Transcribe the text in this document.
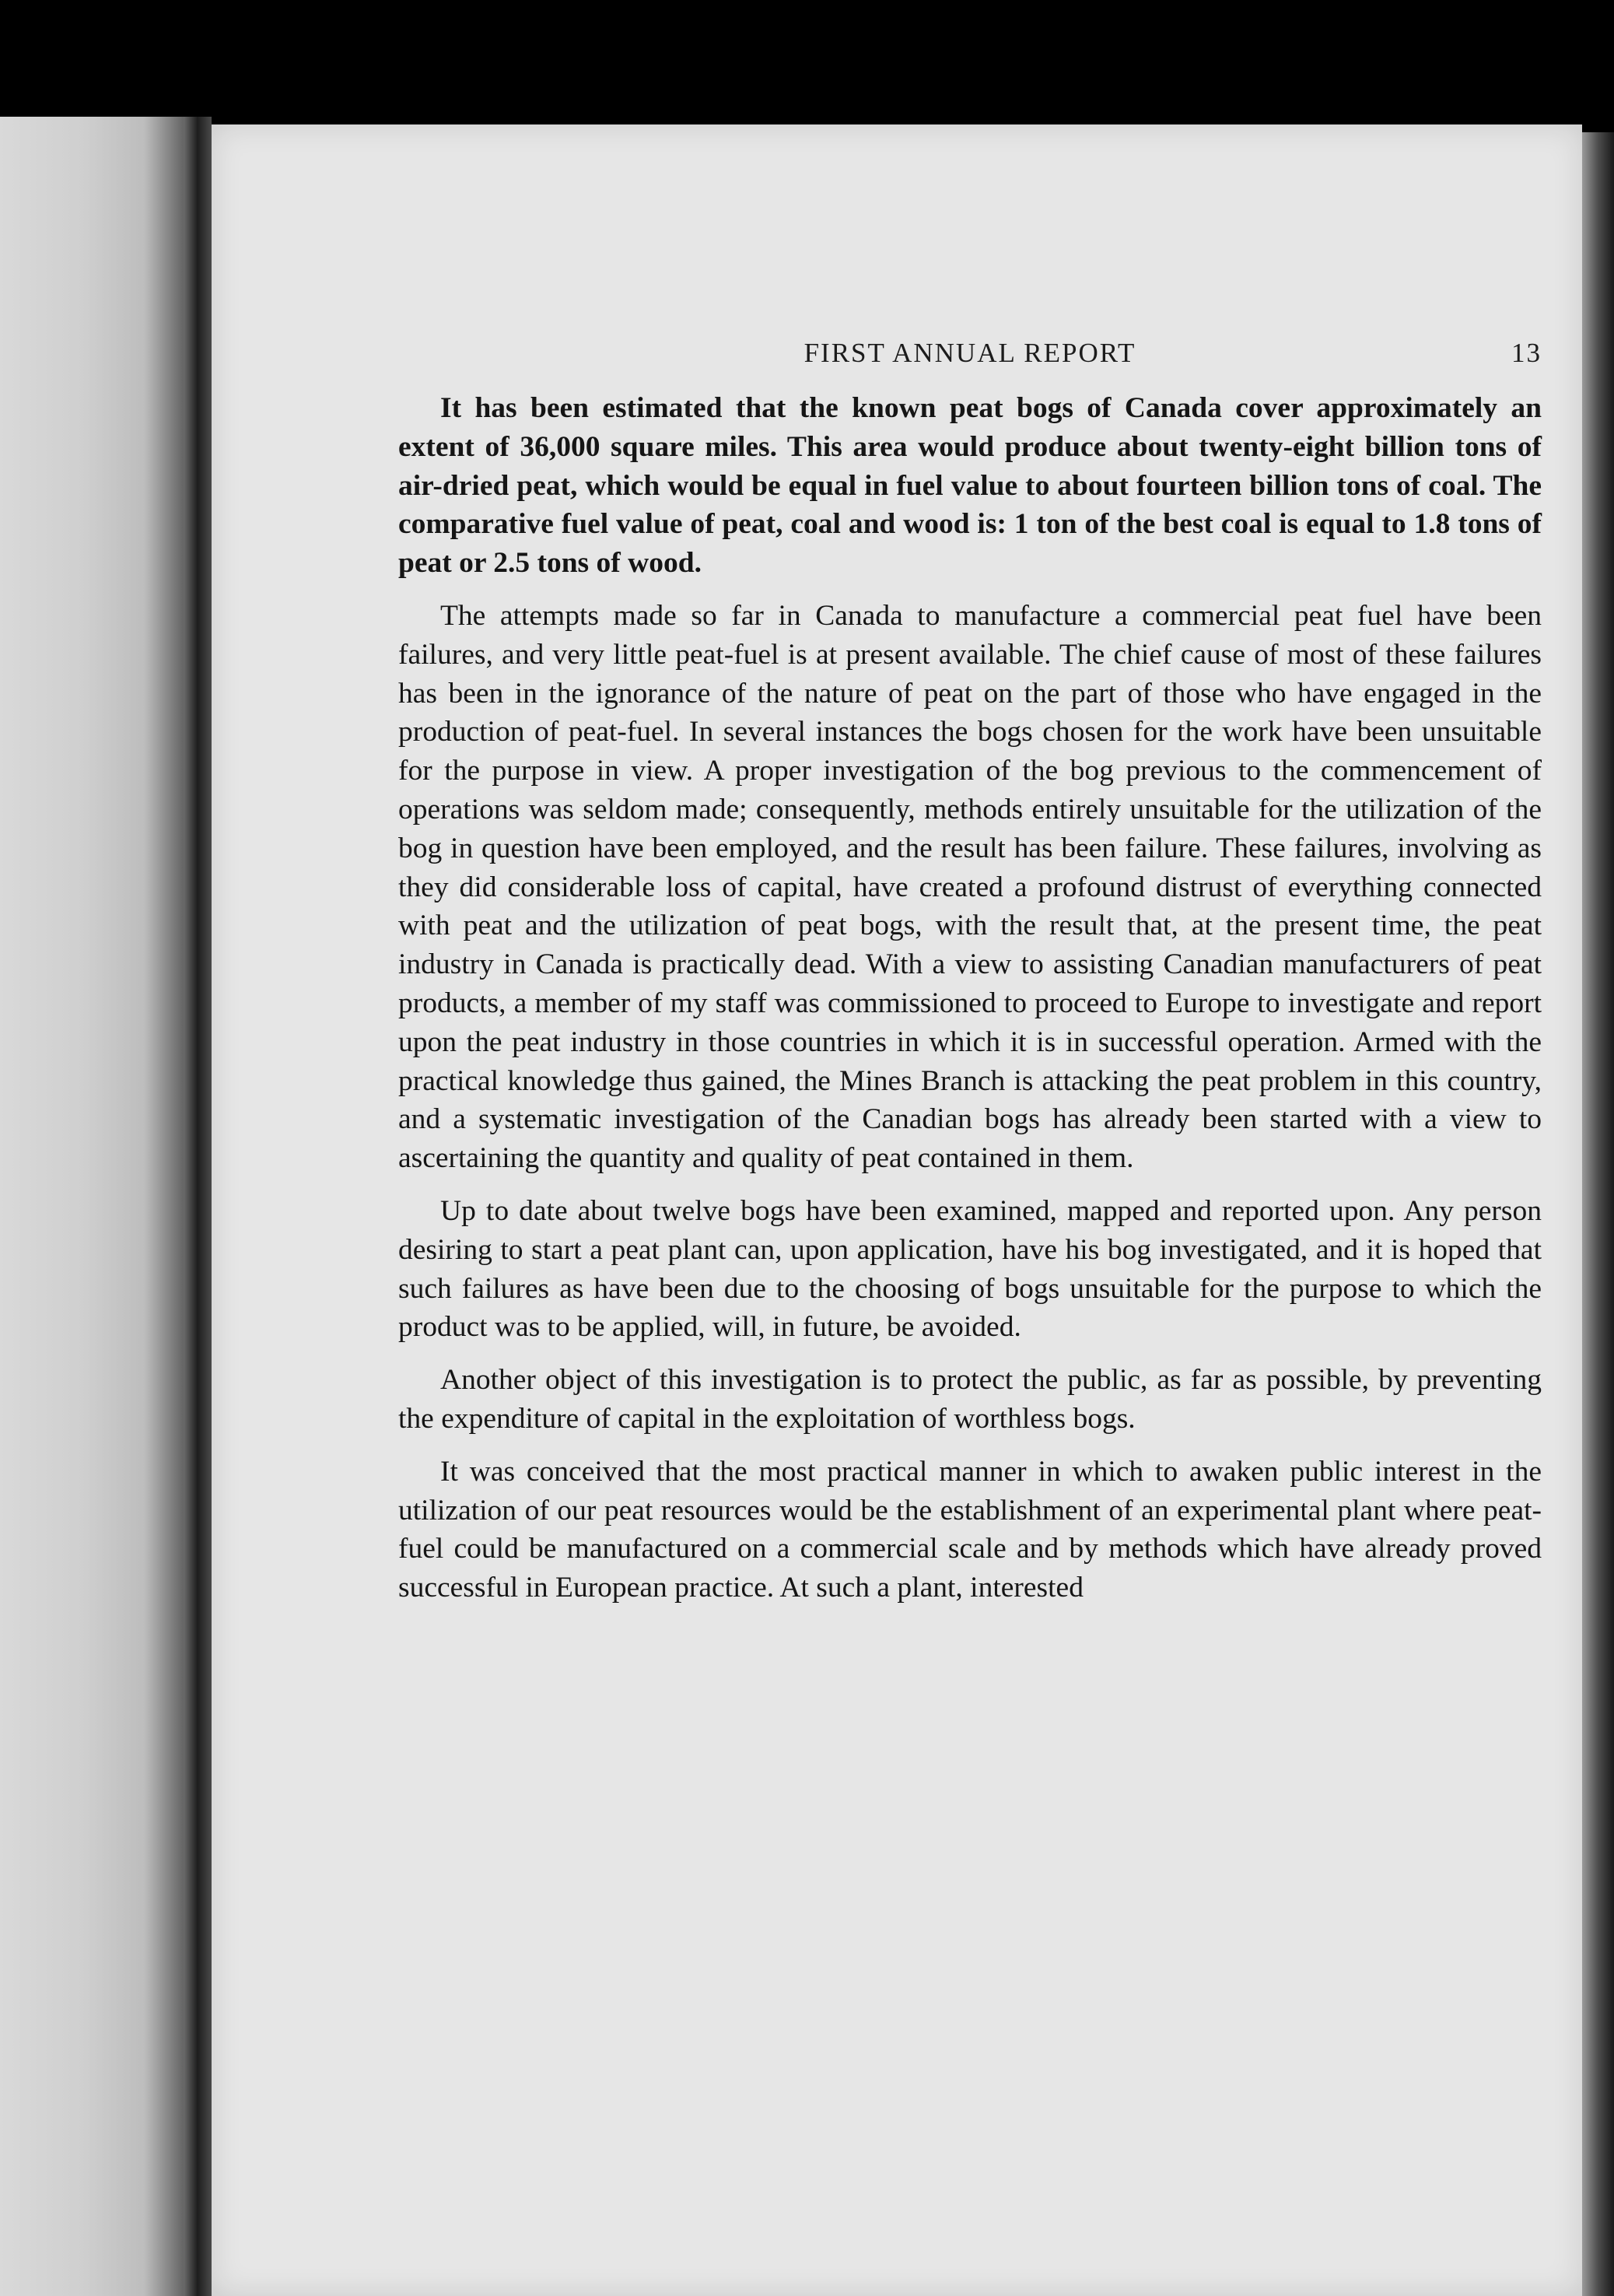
FIRST ANNUAL REPORT	13

It has been estimated that the known peat bogs of Canada cover approximately an extent of 36,000 square miles. This area would produce about twenty-eight billion tons of air-dried peat, which would be equal in fuel value to about fourteen billion tons of coal. The comparative fuel value of peat, coal and wood is: 1 ton of the best coal is equal to 1.8 tons of peat or 2.5 tons of wood.

The attempts made so far in Canada to manufacture a commercial peat fuel have been failures, and very little peat-fuel is at present available. The chief cause of most of these failures has been in the ignorance of the nature of peat on the part of those who have engaged in the production of peat-fuel. In several instances the bogs chosen for the work have been unsuitable for the purpose in view. A proper investigation of the bog previous to the commencement of operations was seldom made; consequently, methods entirely unsuitable for the utilization of the bog in question have been employed, and the result has been failure. These failures, involving as they did considerable loss of capital, have created a profound distrust of everything connected with peat and the utilization of peat bogs, with the result that, at the present time, the peat industry in Canada is practically dead. With a view to assisting Canadian manufacturers of peat products, a member of my staff was commissioned to proceed to Europe to investigate and report upon the peat industry in those countries in which it is in successful operation. Armed with the practical knowledge thus gained, the Mines Branch is attacking the peat problem in this country, and a systematic investigation of the Canadian bogs has already been started with a view to ascertaining the quantity and quality of peat contained in them.

Up to date about twelve bogs have been examined, mapped and reported upon. Any person desiring to start a peat plant can, upon application, have his bog investigated, and it is hoped that such failures as have been due to the choosing of bogs unsuitable for the purpose to which the product was to be applied, will, in future, be avoided.

Another object of this investigation is to protect the public, as far as possible, by preventing the expenditure of capital in the exploitation of worthless bogs.

It was conceived that the most practical manner in which to awaken public interest in the utilization of our peat resources would be the establishment of an experimental plant where peat-fuel could be manufactured on a commercial scale and by methods which have already proved successful in European practice. At such a plant, interested
